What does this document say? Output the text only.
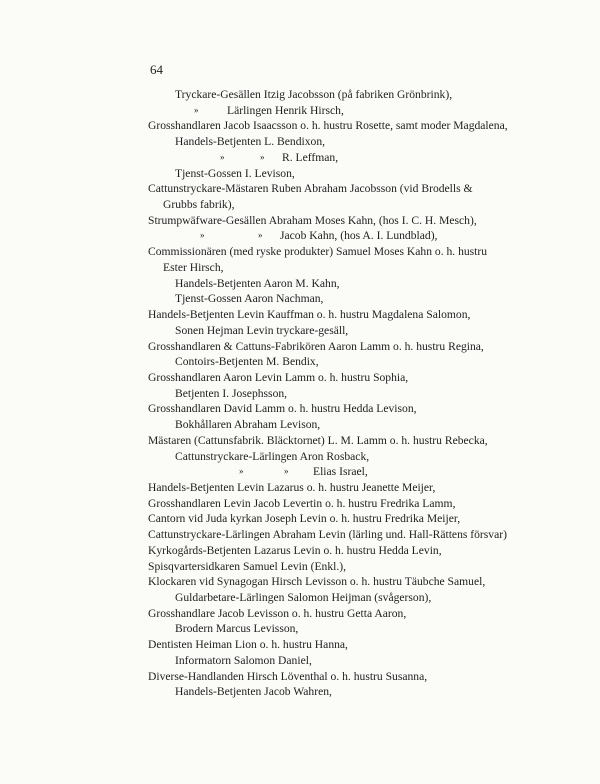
64
Tryckare-Gesällen Itzig Jacobsson (på fabriken Grönbrink),
» Lärlingen Henrik Hirsch,
Grosshandlaren Jacob Isaacsson o. h. hustru Rosette, samt moder Magdalena,
Handels-Betjenten L. Bendixon,
»	» R. Leffman,
Tjenst-Gossen I. Levison,
Cattunstryckare-Mästaren Ruben Abraham Jacobsson (vid Brodells &
Grubbs fabrik),
Strumpwäfware-Gesällen Abraham Moses Kahn, (hos I. C. H. Mesch),
»	» Jacob Kahn, (hos A. I. Lundblad),
Commissionären (med ryske produkter) Samuel Moses Kahn o. h. hustru
Ester Hirsch,
Handels-Betjenten Aaron M. Kahn,
Tjenst-Gossen Aaron Nachman,
Handels-Betjenten Levin Kauffman o. h. hustru Magdalena Salomon,
Sonen Hejman Levin tryckare-gesäll,
Grosshandlaren & Cattuns-Fabrikören Aaron Lamm o. h. hustru Regina,
Contoirs-Betjenten M. Bendix,
Grosshandlaren Aaron Levin Lamm o. h. hustru Sophia,
Betjenten I. Josephsson,
Grosshandlaren David Lamm o. h. hustru Hedda Levison,
Bokhållaren Abraham Levison,
Mästaren (Cattunsfabrik. Bläcktornet) L. M. Lamm o. h. hustru Rebecka,
Cattunstryckare-Lärlingen Aron Rosback,
»	» Elias Israel,
Handels-Betjenten Levin Lazarus o. h. hustru Jeanette Meijer,
Grosshandlaren Levin Jacob Levertin o. h. hustru Fredrika Lamm,
Cantorn vid Juda kyrkan Joseph Levin o. h. hustru Fredrika Meijer,
Cattunstryckare-Lärlingen Abraham Levin (lärling und. Hall-Rättens försvar)
Kyrkogårds-Betjenten Lazarus Levin o. h. hustru Hedda Levin,
Spisqvartersidkaren Samuel Levin (Enkl.),
Klockaren vid Synagogan Hirsch Levisson o. h. hustru Täubche Samuel,
Guldarbetare-Lärlingen Salomon Heijman (svågerson),
Grosshandlare Jacob Levisson o. h. hustru Getta Aaron,
Brodern Marcus Levisson,
Dentisten Heiman Lion o. h. hustru Hanna,
Informatorn Salomon Daniel,
Diverse-Handlanden Hirsch Löventhal o. h. hustru Susanna,
Handels-Betjenten Jacob Wahren,
